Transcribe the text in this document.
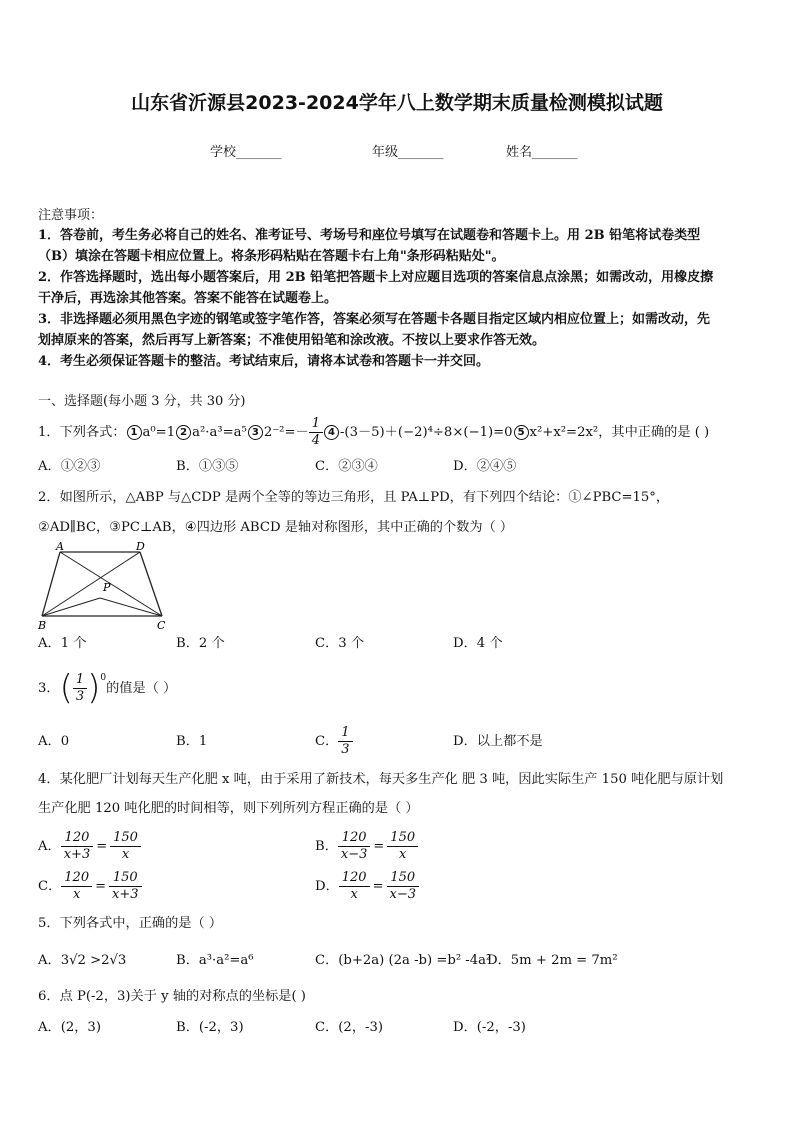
山东省沂源县2023-2024学年八上数学期末质量检测模拟试题
学校_______	年级_______	姓名_______
注意事项：
1．答卷前，考生务必将自己的姓名、准考证号、考场号和座位号填写在试题卷和答题卡上。用 2B 铅笔将试卷类型
（B）填涂在答题卡相应位置上。将条形码粘贴在答题卡右上角"条形码粘贴处"。
2．作答选择题时，选出每小题答案后，用 2B 铅笔把答题卡上对应题目选项的答案信息点涂黑；如需改动，用橡皮擦
干净后，再选涂其他答案。答案不能答在试题卷上。
3．非选择题必须用黑色字迹的钢笔或签字笔作答，答案必须写在答题卡各题目指定区域内相应位置上；如需改动，先
划掉原来的答案，然后再写上新答案；不准使用铅笔和涂改液。不按以上要求作答无效。
4．考生必须保证答题卡的整洁。考试结束后，请将本试卷和答题卡一并交回。
一、选择题(每小题 3 分，共 30 分)
1．下列各式： 1 a⁰=1 2 a²·a³=a⁵ 3 $2^{-2}=- \frac{1}{4} 4$ -(3－5)＋(−2)⁴÷8×(−1)=0 5 x²+x²=2x² ，其中正确的是 ( )
A．①②③	B．①③⑤	C．②③④	D．②④⑤
2．如图所示，△ABP 与△CDP 是两个全等的等边三角形，且 PA⊥PD，有下列四个结论：①∠PBC=15°，
②AD∥BC，③PC⊥AB，④四边形 ABCD 是轴对称图形，其中正确的个数为（ ）
A	D
P
B	C
A．1 个	B．2 个	C．3 个	D．4 个
3． ( $\frac{1}{3}$ ) 0
的值是（ ）
A．0	B．1	C． $\frac{1}{3}$	D．以上都不是
4．某化肥厂计划每天生产化肥 x 吨，由于采用了新技术，每天多生产化 肥 3 吨，因此实际生产 150 吨化肥与原计划
生产化肥 120 吨化肥的时间相等，则下列所列方程正确的是（ ）
A． $\frac{120}{x+3} = \frac{150}{x}$	B． $\frac{120}{x-3} = \frac{150}{x}$
C． $\frac{120}{x} = \frac{150}{x+3}$	D． $\frac{120}{x} = \frac{150}{x-3}$
5．下列各式中，正确的是（ ）
A．3√2 >2√3	B．a³·a²=a⁶	C．(b+2a) (2a -b) =b² -4a²
D．5m + 2m = 7m²
6．点 P(-2，3)关于 y 轴的对称点的坐标是( )
A．(2，3)	B．(-2，3)	C．(2，-3)	D．(-2，-3)
